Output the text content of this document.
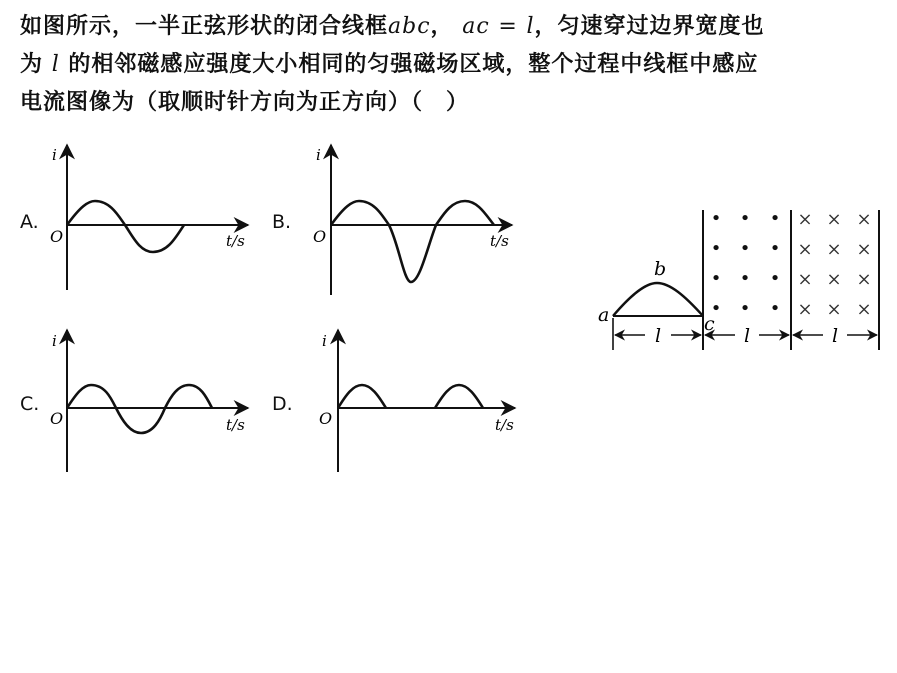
如图所示，一半正弦形状的闭合线框abc， ac = l，匀速穿过边界宽度也
为 l 的相邻磁感应强度大小相同的匀强磁场区域，整个过程中线框中感应
电流图像为（取顺时针方向为正方向）（　）
A.
i
O	t/s
B.
i
O	t/s
C.
i
O	t/s
D.
i
O	t/s
a
b
c
• • •
• • •
• • •
• • •
× × ×
× × ×
× × ×
× × ×
l	l	l
